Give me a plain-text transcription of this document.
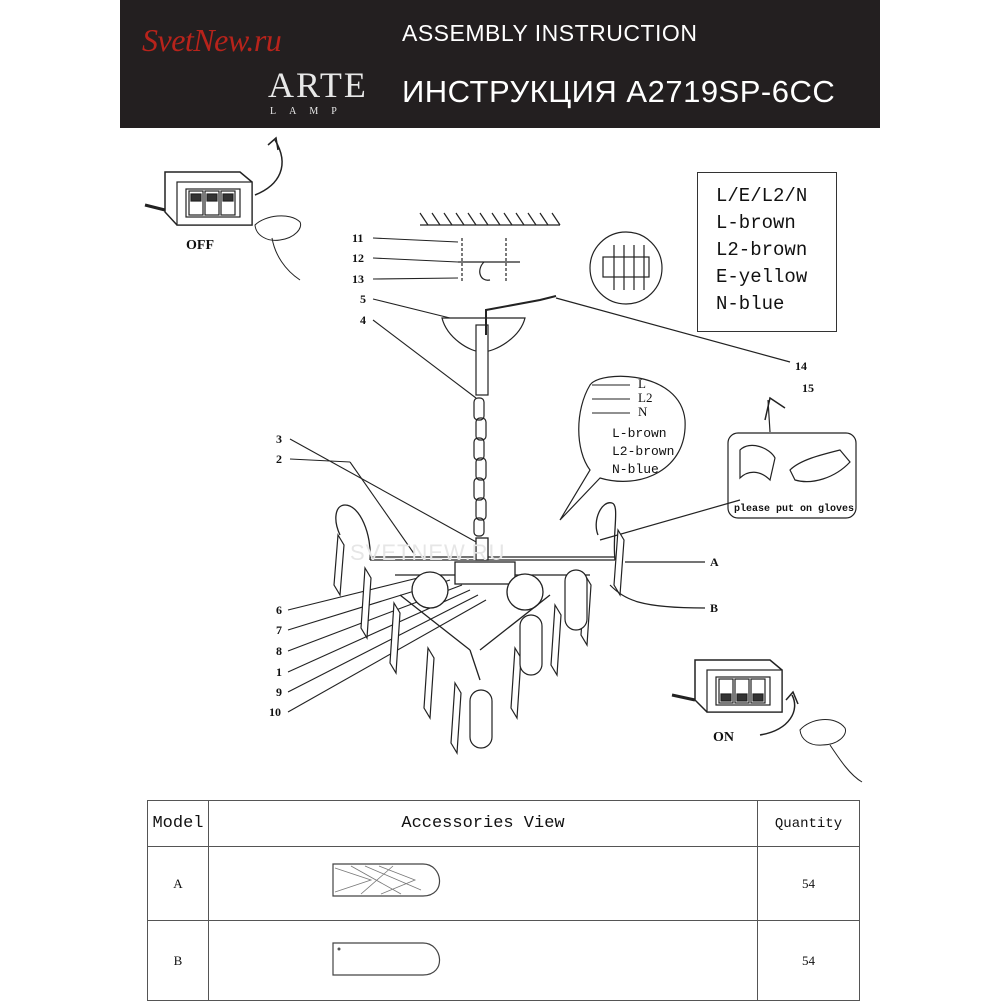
SvetNew.ru
ARTE
LAMP
ASSEMBLY INSTRUCTION
ИНСТРУКЦИЯ A2719SP-6CC
A i
OFF
L
L2
N
L-brown
L2-brown
N-blue
ON
11
12
13
5
4
3
2
6
7
8
1
9
10
14
15
A
B
please put on gloves
SVETNEW.RU
L/E/L2/N
L-brown
L2-brown
E-yellow
N-blue
Model	Accessories View	Quantity
A		54
B		54
